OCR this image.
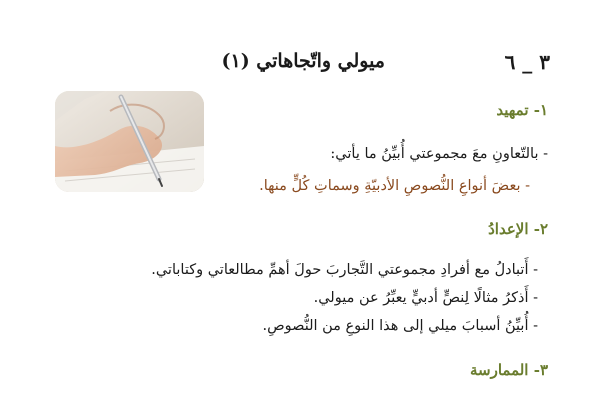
٣ _ ٦
ميولي واتّجاهاتي (١)
١- تمهيد
- بالتّعاونِ معَ مجموعتي أُبيِّنُ ما يأتي:
- بعضَ أنواعِ النُّصوصِ الأدبيّةِ وسماتِ كُلٍّ منها.
٢- الإعدادُ
- أَتبادلُ مع أفرادِ مجموعتي التَّجاربَ حولَ أهمِّ مطالعاتي وكتاباتي.
- أَذكرُ مثالًا لِنصٍّ أدبيٍّ يعبِّرُ عن ميولي.
- أُبيِّنُ أسبابَ ميلي إلى هذا النوعِ من النُّصوصِ.
٣- الممارسة
